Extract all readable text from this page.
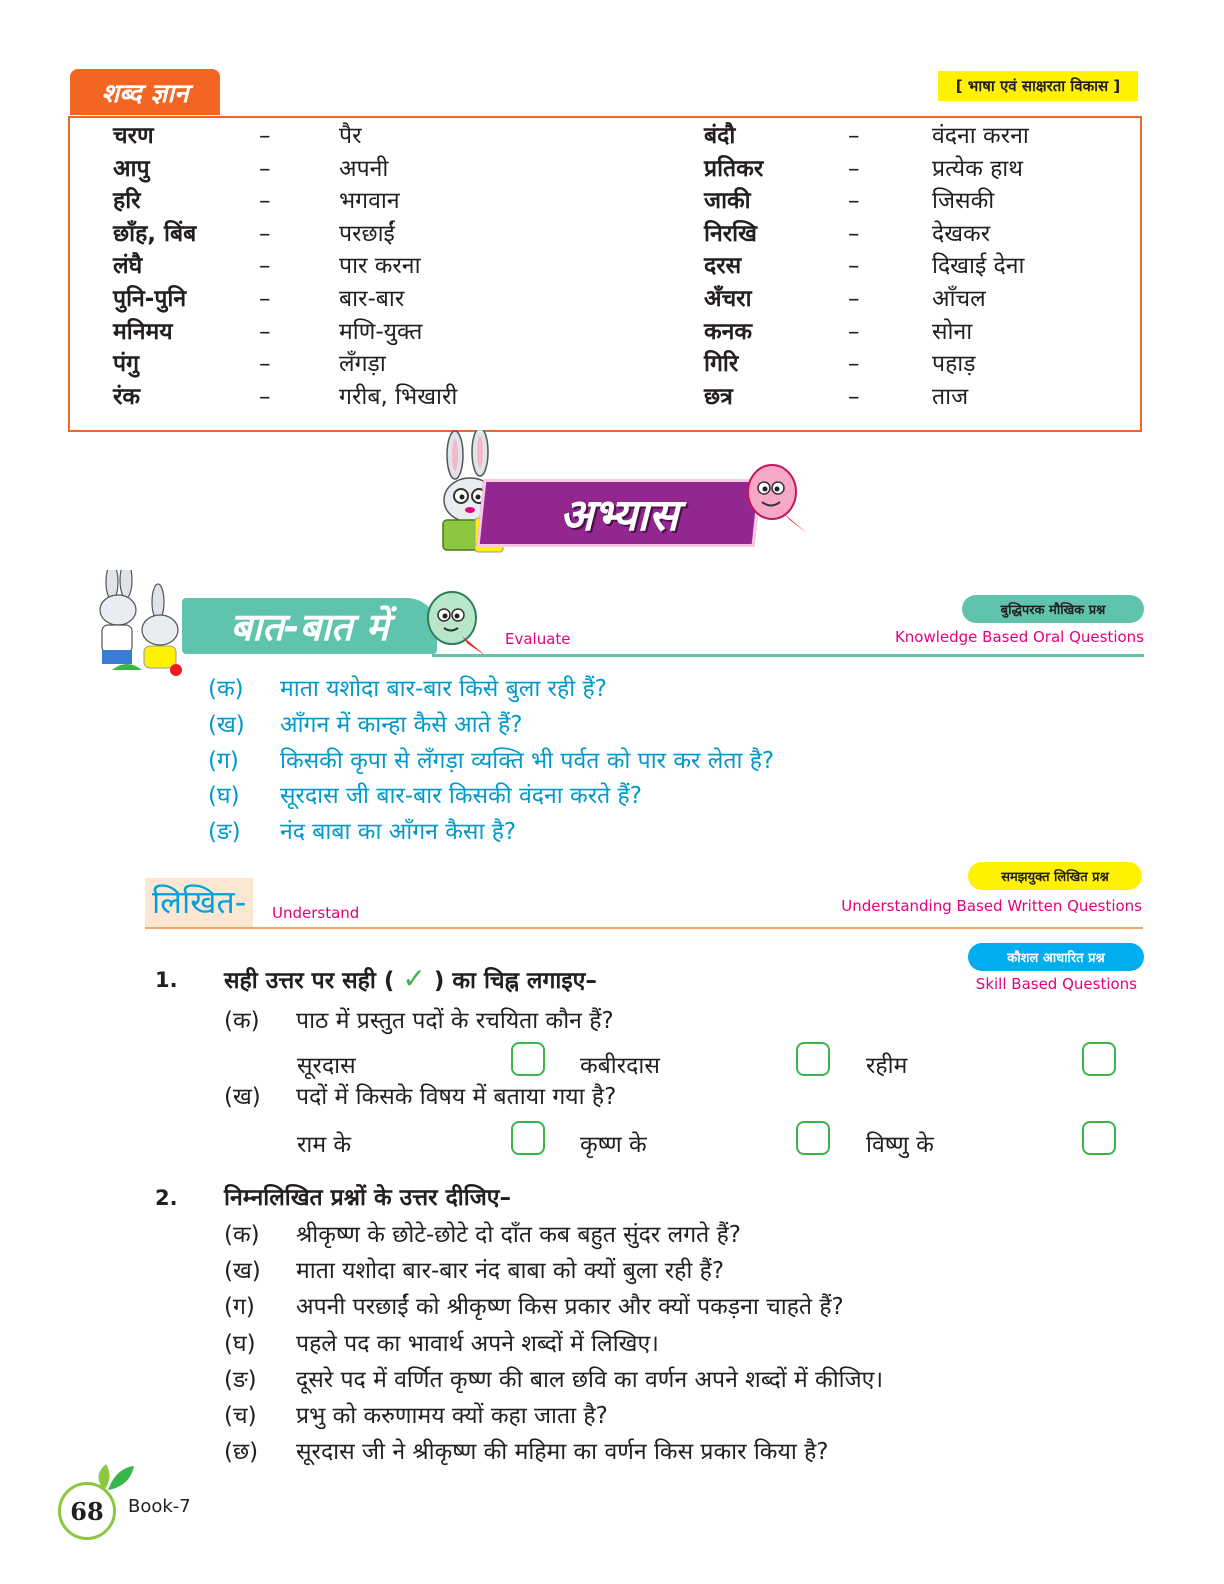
शब्द ज्ञान	[ भाषा एवं साक्षरता विकास ]
चरण	–	पैर
आपु	–	अपनी
हरि	–	भगवान
छाँह, बिंब	–	परछाईं
लंघै	–	पार करना
पुनि-पुनि	–	बार-बार
मनिमय	–	मणि-युक्त
पंगु	–	लँगड़ा
रंक	–	गरीब, भिखारी
बंदौ	–	वंदना करना
प्रतिकर	–	प्रत्येक हाथ
जाकी	–	जिसकी
निरखि	–	देखकर
दरस	–	दिखाई देना
अँचरा	–	आँचल
कनक	–	सोना
गिरि	–	पहाड़
छत्र	–	ताज
अभ्यास
बात-बात में	Evaluate
बुद्धिपरक मौखिक प्रश्न
Knowledge Based Oral Questions
(क) माता यशोदा बार-बार किसे बुला रही हैं?
(ख) आँगन में कान्हा कैसे आते हैं?
(ग) किसकी कृपा से लँगड़ा व्यक्ति भी पर्वत को पार कर लेता है?
(घ) सूरदास जी बार-बार किसकी वंदना करते हैं?
(ङ) नंद बाबा का आँगन कैसा है?
लिखित- Understand
समझयुक्त लिखित प्रश्न
Understanding Based Written Questions
कौशल आधारित प्रश्न
Skill Based Questions
1. सही उत्तर पर सही ( ✓ ) का चिह्न लगाइए–
(क) पाठ में प्रस्तुत पदों के रचयिता कौन हैं?
सूरदास	कबीरदास	रहीम
(ख) पदों में किसके विषय में बताया गया है?
राम के	कृष्ण के	विष्णु के
2. निम्नलिखित प्रश्नों के उत्तर दीजिए–
(क) श्रीकृष्ण के छोटे-छोटे दो दाँत कब बहुत सुंदर लगते हैं?
(ख) माता यशोदा बार-बार नंद बाबा को क्यों बुला रही हैं?
(ग) अपनी परछाईं को श्रीकृष्ण किस प्रकार और क्यों पकड़ना चाहते हैं?
(घ) पहले पद का भावार्थ अपने शब्दों में लिखिए।
(ङ) दूसरे पद में वर्णित कृष्ण की बाल छवि का वर्णन अपने शब्दों में कीजिए।
(च) प्रभु को करुणामय क्यों कहा जाता है?
(छ) सूरदास जी ने श्रीकृष्ण की महिमा का वर्णन किस प्रकार किया है?
68	Book-7
